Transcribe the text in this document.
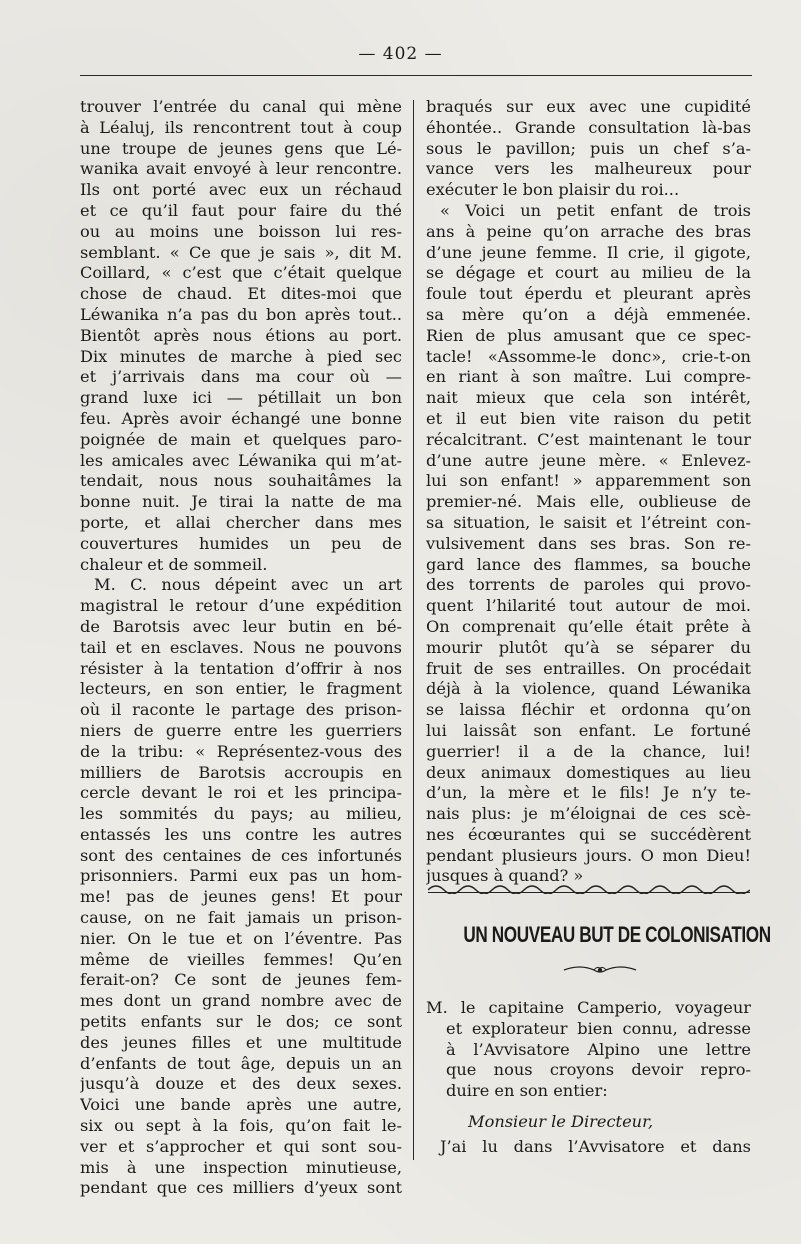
— 402 —
trouver l’entrée du canal qui mène
à Léaluj, ils rencontrent tout à coup
une troupe de jeunes gens que Lé-
wanika avait envoyé à leur rencontre.
Ils ont porté avec eux un réchaud
et ce qu’il faut pour faire du thé
ou au moins une boisson lui res-
semblant. « Ce que je sais », dit M.
Coillard, « c’est que c’était quelque
chose de chaud. Et dites-moi que
Léwanika n’a pas du bon après tout..
Bientôt après nous étions au port.
Dix minutes de marche à pied sec
et j’arrivais dans ma cour où —
grand luxe ici — pétillait un bon
feu. Après avoir échangé une bonne
poignée de main et quelques paro-
les amicales avec Léwanika qui m’at-
tendait, nous nous souhaitâmes la
bonne nuit. Je tirai la natte de ma
porte, et allai chercher dans mes
couvertures humides un peu de
chaleur et de sommeil.
M. C. nous dépeint avec un art
magistral le retour d’une expédition
de Barotsis avec leur butin en bé-
tail et en esclaves. Nous ne pouvons
résister à la tentation d’offrir à nos
lecteurs, en son entier, le fragment
où il raconte le partage des prison-
niers de guerre entre les guerriers
de la tribu: « Représentez-vous des
milliers de Barotsis accroupis en
cercle devant le roi et les principa-
les sommités du pays; au milieu,
entassés les uns contre les autres
sont des centaines de ces infortunés
prisonniers. Parmi eux pas un hom-
me! pas de jeunes gens! Et pour
cause, on ne fait jamais un prison-
nier. On le tue et on l’éventre. Pas
même de vieilles femmes! Qu’en
ferait-on? Ce sont de jeunes fem-
mes dont un grand nombre avec de
petits enfants sur le dos; ce sont
des jeunes filles et une multitude
d’enfants de tout âge, depuis un an
jusqu’à douze et des deux sexes.
Voici une bande après une autre,
six ou sept à la fois, qu’on fait le-
ver et s’approcher et qui sont sou-
mis à une inspection minutieuse,
pendant que ces milliers d’yeux sont
braqués sur eux avec une cupidité
éhontée.. Grande consultation là-bas
sous le pavillon; puis un chef s’a-
vance vers les malheureux pour
exécuter le bon plaisir du roi...
« Voici un petit enfant de trois
ans à peine qu’on arrache des bras
d’une jeune femme. Il crie, il gigote,
se dégage et court au milieu de la
foule tout éperdu et pleurant après
sa mère qu’on a déjà emmenée.
Rien de plus amusant que ce spec-
tacle! «Assomme-le donc», crie-t-on
en riant à son maître. Lui compre-
nait mieux que cela son intérêt,
et il eut bien vite raison du petit
récalcitrant. C’est maintenant le tour
d’une autre jeune mère. « Enlevez-
lui son enfant! » apparemment son
premier-né. Mais elle, oublieuse de
sa situation, le saisit et l’étreint con-
vulsivement dans ses bras. Son re-
gard lance des flammes, sa bouche
des torrents de paroles qui provo-
quent l’hilarité tout autour de moi.
On comprenait qu’elle était prête à
mourir plutôt qu’à se séparer du
fruit de ses entrailles. On procédait
déjà à la violence, quand Léwanika
se laissa fléchir et ordonna qu’on
lui laissât son enfant. Le fortuné
guerrier! il a de la chance, lui!
deux animaux domestiques au lieu
d’un, la mère et le fils! Je n’y te-
nais plus: je m’éloignai de ces scè-
nes écœurantes qui se succédèrent
pendant plusieurs jours. O mon Dieu!
jusques à quand? »
UN NOUVEAU BUT DE COLONISATION
M. le capitaine Camperio, voyageur
et explorateur bien connu, adresse
à l’Avvisatore Alpino une lettre
que nous croyons devoir repro-
duire en son entier:
Monsieur le Directeur,
J’ai lu dans l’Avvisatore et dans
